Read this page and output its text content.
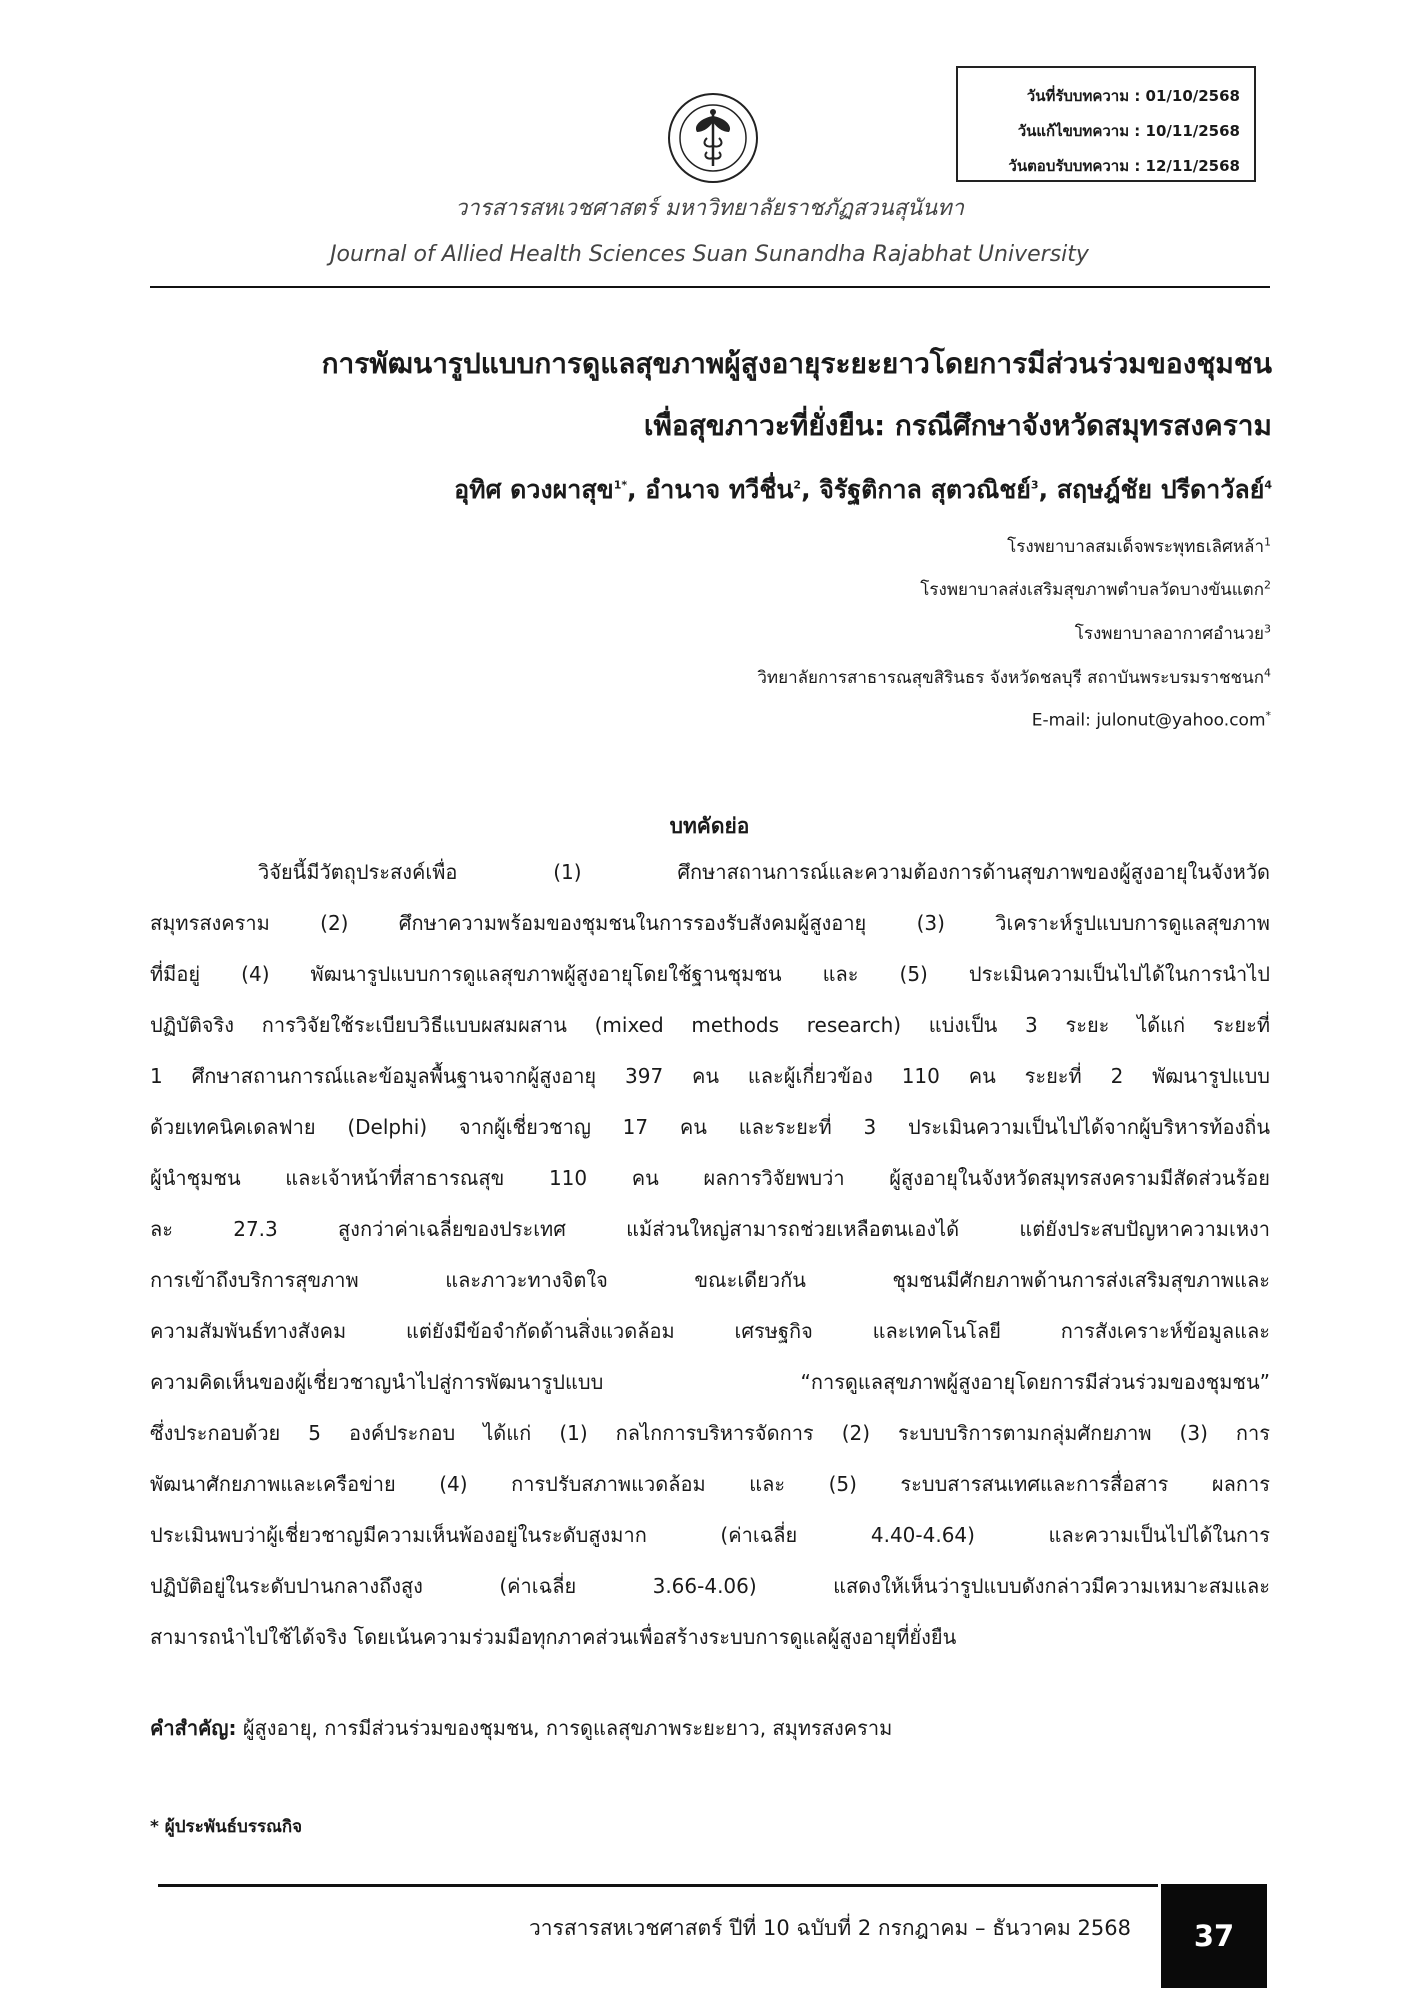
วันที่รับบทความ : 01/10/2568
วันแก้ไขบทความ : 10/11/2568
วันตอบรับบทความ : 12/11/2568
วารสารสหเวชศาสตร์ มหาวิทยาลัยราชภัฏสวนสุนันทา
Journal of Allied Health Sciences Suan Sunandha Rajabhat University
การพัฒนารูปแบบการดูแลสุขภาพผู้สูงอายุระยะยาวโดยการมีส่วนร่วมของชุมชน
เพื่อสุขภาวะที่ยั่งยืน: กรณีศึกษาจังหวัดสมุทรสงคราม
อุทิศ ดวงผาสุข$^{1*}$, อำนาจ ทวีชื่น$^2$, จิรัฐติกาล สุตวณิชย์$^3$, สฤษฎ์ชัย ปรีดาวัลย์$^4$
โรงพยาบาลสมเด็จพระพุทธเลิศหล้า$^1$
โรงพยาบาลส่งเสริมสุขภาพตำบลวัดบางขันแตก$^2$
โรงพยาบาลอากาศอำนวย$^3$
วิทยาลัยการสาธารณสุขสิรินธร จังหวัดชลบุรี สถาบันพระบรมราชชนก$^4$
E-mail: julonut@yahoo.com*
บทคัดย่อ
วิจัยนี้มีวัตถุประสงค์เพื่อ (1) ศึกษาสถานการณ์และความต้องการด้านสุขภาพของผู้สูงอายุในจังหวัด
สมุทรสงคราม (2) ศึกษาความพร้อมของชุมชนในการรองรับสังคมผู้สูงอายุ (3) วิเคราะห์รูปแบบการดูแลสุขภาพ
ที่มีอยู่ (4) พัฒนารูปแบบการดูแลสุขภาพผู้สูงอายุโดยใช้ฐานชุมชน และ (5) ประเมินความเป็นไปได้ในการนำไป
ปฏิบัติจริง การวิจัยใช้ระเบียบวิธีแบบผสมผสาน (mixed methods research) แบ่งเป็น 3 ระยะ ได้แก่ ระยะที่
1 ศึกษาสถานการณ์และข้อมูลพื้นฐานจากผู้สูงอายุ 397 คน และผู้เกี่ยวข้อง 110 คน ระยะที่ 2 พัฒนารูปแบบ
ด้วยเทคนิคเดลฟาย (Delphi) จากผู้เชี่ยวชาญ 17 คน และระยะที่ 3 ประเมินความเป็นไปได้จากผู้บริหารท้องถิ่น
ผู้นำชุมชน และเจ้าหน้าที่สาธารณสุข 110 คน ผลการวิจัยพบว่า ผู้สูงอายุในจังหวัดสมุทรสงครามมีสัดส่วนร้อย
ละ 27.3 สูงกว่าค่าเฉลี่ยของประเทศ แม้ส่วนใหญ่สามารถช่วยเหลือตนเองได้ แต่ยังประสบปัญหาความเหงา
การเข้าถึงบริการสุขภาพ และภาวะทางจิตใจ ขณะเดียวกัน ชุมชนมีศักยภาพด้านการส่งเสริมสุขภาพและ
ความสัมพันธ์ทางสังคม แต่ยังมีข้อจำกัดด้านสิ่งแวดล้อม เศรษฐกิจ และเทคโนโลยี การสังเคราะห์ข้อมูลและ
ความคิดเห็นของผู้เชี่ยวชาญนำไปสู่การพัฒนารูปแบบ “การดูแลสุขภาพผู้สูงอายุโดยการมีส่วนร่วมของชุมชน”
ซึ่งประกอบด้วย 5 องค์ประกอบ ได้แก่ (1) กลไกการบริหารจัดการ (2) ระบบบริการตามกลุ่มศักยภาพ (3) การ
พัฒนาศักยภาพและเครือข่าย (4) การปรับสภาพแวดล้อม และ (5) ระบบสารสนเทศและการสื่อสาร ผลการ
ประเมินพบว่าผู้เชี่ยวชาญมีความเห็นพ้องอยู่ในระดับสูงมาก (ค่าเฉลี่ย 4.40-4.64) และความเป็นไปได้ในการ
ปฏิบัติอยู่ในระดับปานกลางถึงสูง (ค่าเฉลี่ย 3.66-4.06) แสดงให้เห็นว่ารูปแบบดังกล่าวมีความเหมาะสมและ
สามารถนำไปใช้ได้จริง โดยเน้นความร่วมมือทุกภาคส่วนเพื่อสร้างระบบการดูแลผู้สูงอายุที่ยั่งยืน
คำสำคัญ: ผู้สูงอายุ, การมีส่วนร่วมของชุมชน, การดูแลสุขภาพระยะยาว, สมุทรสงคราม
* ผู้ประพันธ์บรรณกิจ
วารสารสหเวชศาสตร์ ปีที่ 10 ฉบับที่ 2 กรกฎาคม – ธันวาคม 2568	37
